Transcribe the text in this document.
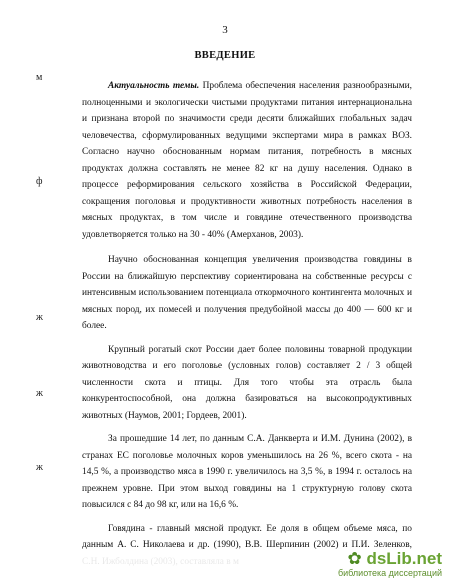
3
ВВЕДЕНИЕ
м
ф
ж
ж
ж

Актуальность темы. Проблема обеспечения населения разнообразными, полноценными и экологически чистыми продуктами питания интернациональна и признана второй по значимости среди десяти ближайших глобальных задач человечества, сформулированных ведущими экспертами мира в рамках ВОЗ. Согласно научно обоснованным нормам питания, потребность в мясных продуктах должна составлять не менее 82 кг на душу населения. Однако в процессе реформирования сельского хозяйства в Российской Федерации, сокращения поголовья и продуктивности животных потребность населения в мясных продуктах, в том числе и говядине отечественного производства удовлетворяется только на 30 - 40% (Амерханов, 2003).

Научно обоснованная концепция увеличения производства говядины в России на ближайшую перспективу сориентирована на собственные ресурсы с интенсивным использованием потенциала откормочного контингента молочных и мясных пород, их помесей и получения предубойной массы до 400 — 600 кг и более.

Крупный рогатый скот России дает более половины товарной продукции животноводства и его поголовье (условных голов) составляет 2 / 3 общей численности скота и птицы. Для того чтобы эта отрасль была конкурентоспособной, она должна базироваться на высокопродуктивных животных (Наумов, 2001; Гордеев, 2001).

За прошедшие 14 лет, по данным С.А. Данкверта и И.М. Дунина (2002), в странах ЕС поголовье молочных коров уменьшилось на 26 %, всего скота - на 14,5 %, а производство мяса в 1990 г. увеличилось на 3,5 %, в 1994 г. осталось на прежнем уровне. При этом выход говядины на 1 структурную голову скота повысился с 84 до 98 кг, или на 16,6 %.

Говядина - главный мясной продукт. Ее доля в общем объеме мяса, по данным А. С. Николаева и др. (1990), В.В. Шерпинин (2002) и П.И. Зеленков,

✿ dsLib.net
библиотека диссертаций
